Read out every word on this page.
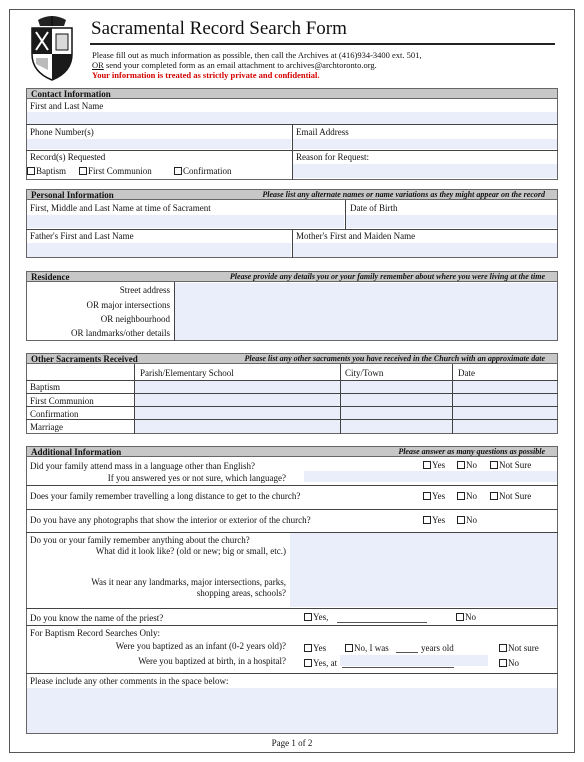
Sacramental Record Search Form
Please fill out as much information as possible, then call the Archives at (416)934-3400 ext. 501,
OR send your completed form as an email attachment to archives@archtoronto.org.
Your information is treated as strictly private and confidential.
Contact Information
First and Last Name
Phone Number(s)	Email Address
Record(s) Requested
Baptism	First Communion	Confirmation
Reason for Request:
Personal Information	Please list any alternate names or name variations as they might appear on the record
First, Middle and Last Name at time of Sacrament	Date of Birth
Father's First and Last Name	Mother's First and Maiden Name
Residence	Please provide any details you or your family remember about where you were living at the time
Street address
OR major intersections
OR neighbourhood
OR landmarks/other details
Other Sacraments Received	Please list any other sacraments you have received in the Church with an approximate date
Parish/Elementary School	City/Town	Date
Baptism
First Communion
Confirmation
Marriage
Additional Information	Please answer as many questions as possible
Did your family attend mass in a language other than English?	Yes	No	Not Sure
If you answered yes or not sure, which language?
Does your family remember travelling a long distance to get to the church?	Yes	No	Not Sure
Do you have any photographs that show the interior or exterior of the church?	Yes	No
Do you or your family remember anything about the church?
What did it look like? (old or new; big or small, etc.)
Was it near any landmarks, major intersections, parks,
shopping areas, schools?
Do you know the name of the priest?	Yes,	No
For Baptism Record Searches Only:
Were you baptized as an infant (0-2 years old)?	Yes	No, I was	years old	Not sure
Were you baptized at birth, in a hospital?	Yes, at	No
Please include any other comments in the space below:
Page 1 of 2
